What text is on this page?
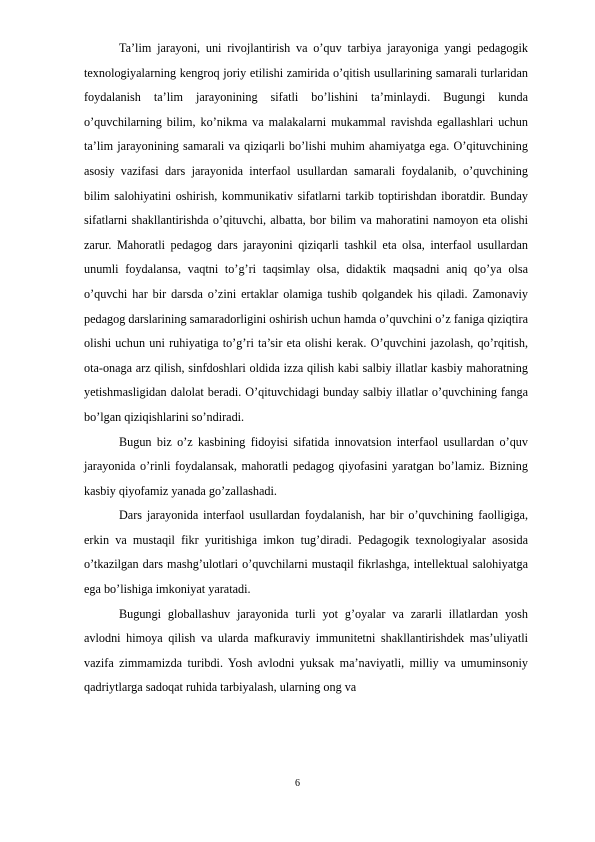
Ta’lim jarayoni, uni rivojlantirish va o’quv tarbiya jarayoniga yangi pedagogik texnologiyalarning kengroq joriy etilishi zamirida o’qitish usullarining samarali turlaridan foydalanish ta’lim jarayonining sifatli bo’lishini ta’minlaydi. Bugungi kunda o’quvchilarning bilim, ko’nikma va malakalarni mukammal ravishda egallashlari uchun ta’lim jarayonining samarali va qiziqarli bo’lishi muhim ahamiyatga ega. O’qituvchining asosiy vazifasi dars jarayonida interfaol usullardan samarali foydalanib, o’quvchining bilim salohiyatini oshirish, kommunikativ sifatlarni tarkib toptirishdan iboratdir. Bunday sifatlarni shakllantirishda o’qituvchi, albatta, bor bilim va mahoratini namoyon eta olishi zarur. Mahoratli pedagog dars jarayonini qiziqarli tashkil eta olsa, interfaol usullardan unumli foydalansa, vaqtni to’g’ri taqsimlay olsa, didaktik maqsadni aniq qo’ya olsa o’quvchi har bir darsda o’zini ertaklar olamiga tushib qolgandek his qiladi. Zamonaviy pedagog darslarining samaradorligini oshirish uchun hamda o’quvchini o’z faniga qiziqtira olishi uchun uni ruhiyatiga to’g’ri ta’sir eta olishi kerak. O’quvchini jazolash, qo’rqitish, ota-onaga arz qilish, sinfdoshlari oldida izza qilish kabi salbiy illatlar kasbiy mahoratning yetishmasligidan dalolat beradi. O’qituvchidagi bunday salbiy illatlar o’quvchining fanga bo’lgan qiziqishlarini so’ndiradi.

Bugun biz o’z kasbining fidoyisi sifatida innovatsion interfaol usullardan o’quv jarayonida o’rinli foydalansak, mahoratli pedagog qiyofasini yaratgan bo’lamiz. Bizning kasbiy qiyofamiz yanada go’zallashadi.

Dars jarayonida interfaol usullardan foydalanish, har bir o’quvchining faolligiga, erkin va mustaqil fikr yuritishiga imkon tug’diradi. Pedagogik texnologiyalar asosida o’tkazilgan dars mashg’ulotlari o’quvchilarni mustaqil fikrlashga, intellektual salohiyatga ega bo’lishiga imkoniyat yaratadi.

Bugungi globallashuv jarayonida turli yot g’oyalar va zararli illatlardan yosh avlodni himoya qilish va ularda mafkuraviy immunitetni shakllantirishdek mas’uliyatli vazifa zimmamizda turibdi. Yosh avlodni yuksak ma’naviyatli, milliy va umuminsoniy qadriytlarga sadoqat ruhida tarbiyalash, ularning ong va

6
